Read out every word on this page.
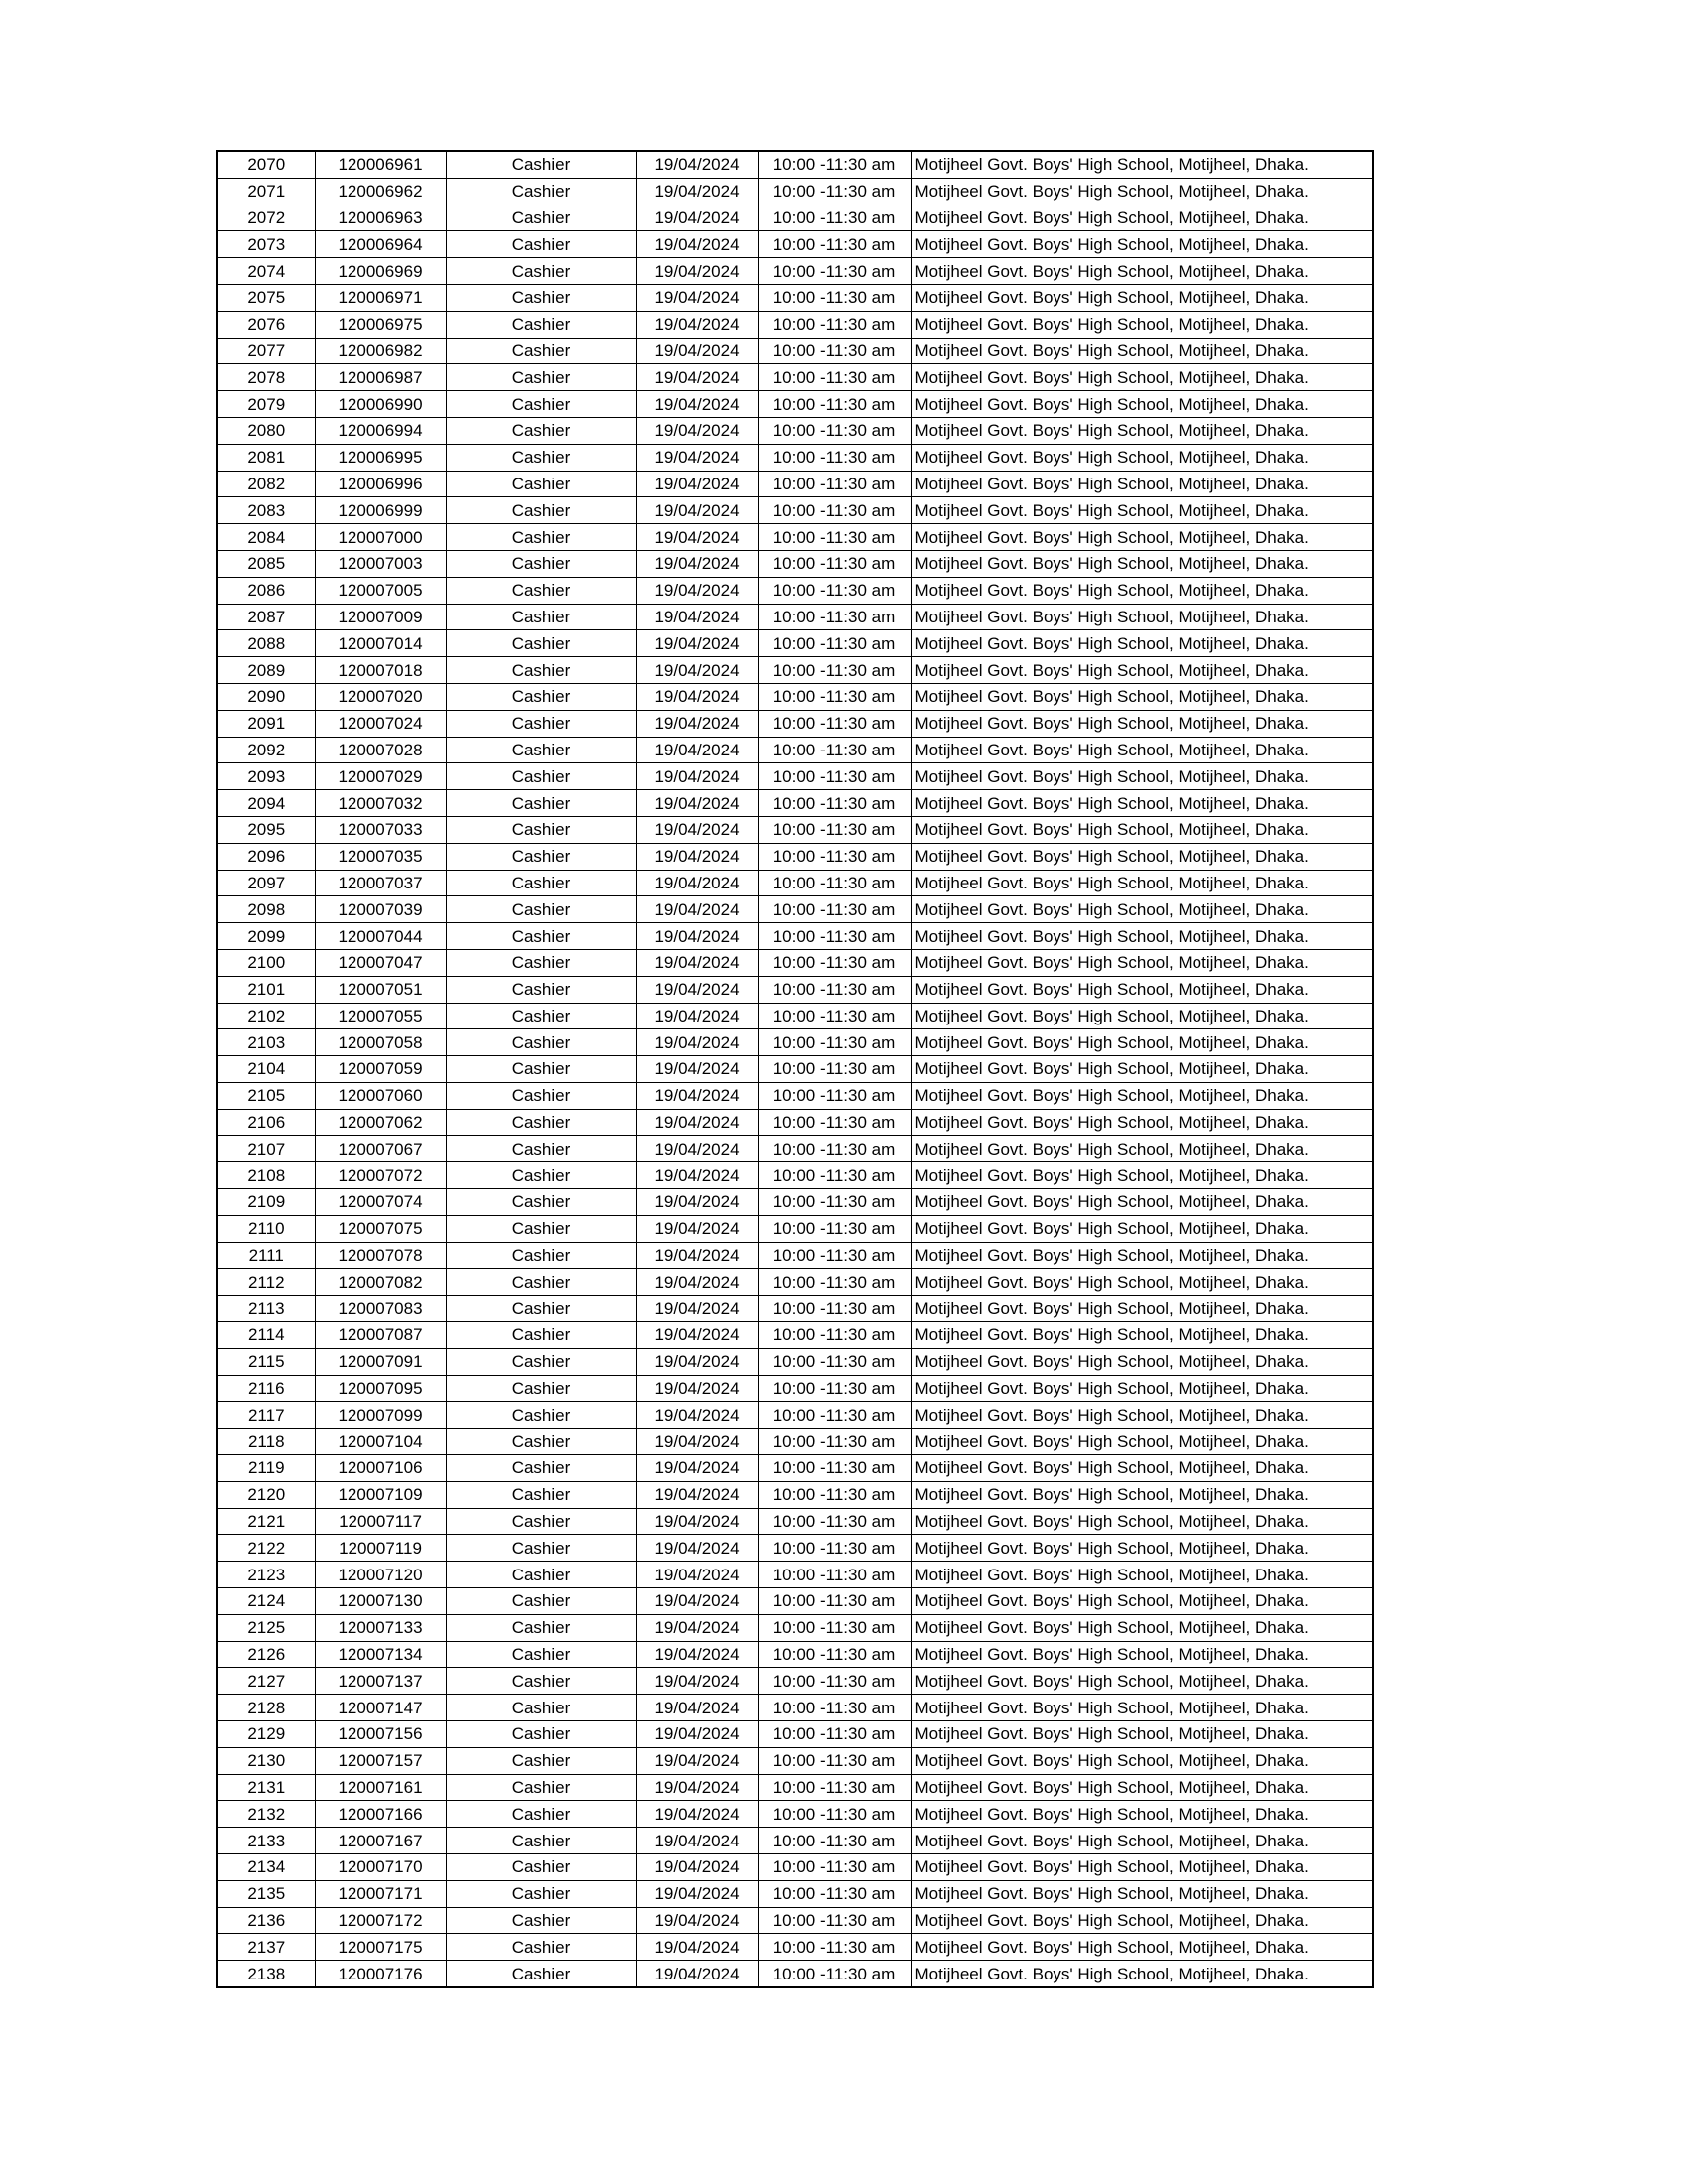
2070	120006961	Cashier	19/04/2024	10:00 -11:30 am	Motijheel Govt. Boys' High School, Motijheel, Dhaka.
2071	120006962	Cashier	19/04/2024	10:00 -11:30 am	Motijheel Govt. Boys' High School, Motijheel, Dhaka.
2072	120006963	Cashier	19/04/2024	10:00 -11:30 am	Motijheel Govt. Boys' High School, Motijheel, Dhaka.
2073	120006964	Cashier	19/04/2024	10:00 -11:30 am	Motijheel Govt. Boys' High School, Motijheel, Dhaka.
2074	120006969	Cashier	19/04/2024	10:00 -11:30 am	Motijheel Govt. Boys' High School, Motijheel, Dhaka.
2075	120006971	Cashier	19/04/2024	10:00 -11:30 am	Motijheel Govt. Boys' High School, Motijheel, Dhaka.
2076	120006975	Cashier	19/04/2024	10:00 -11:30 am	Motijheel Govt. Boys' High School, Motijheel, Dhaka.
2077	120006982	Cashier	19/04/2024	10:00 -11:30 am	Motijheel Govt. Boys' High School, Motijheel, Dhaka.
2078	120006987	Cashier	19/04/2024	10:00 -11:30 am	Motijheel Govt. Boys' High School, Motijheel, Dhaka.
2079	120006990	Cashier	19/04/2024	10:00 -11:30 am	Motijheel Govt. Boys' High School, Motijheel, Dhaka.
2080	120006994	Cashier	19/04/2024	10:00 -11:30 am	Motijheel Govt. Boys' High School, Motijheel, Dhaka.
2081	120006995	Cashier	19/04/2024	10:00 -11:30 am	Motijheel Govt. Boys' High School, Motijheel, Dhaka.
2082	120006996	Cashier	19/04/2024	10:00 -11:30 am	Motijheel Govt. Boys' High School, Motijheel, Dhaka.
2083	120006999	Cashier	19/04/2024	10:00 -11:30 am	Motijheel Govt. Boys' High School, Motijheel, Dhaka.
2084	120007000	Cashier	19/04/2024	10:00 -11:30 am	Motijheel Govt. Boys' High School, Motijheel, Dhaka.
2085	120007003	Cashier	19/04/2024	10:00 -11:30 am	Motijheel Govt. Boys' High School, Motijheel, Dhaka.
2086	120007005	Cashier	19/04/2024	10:00 -11:30 am	Motijheel Govt. Boys' High School, Motijheel, Dhaka.
2087	120007009	Cashier	19/04/2024	10:00 -11:30 am	Motijheel Govt. Boys' High School, Motijheel, Dhaka.
2088	120007014	Cashier	19/04/2024	10:00 -11:30 am	Motijheel Govt. Boys' High School, Motijheel, Dhaka.
2089	120007018	Cashier	19/04/2024	10:00 -11:30 am	Motijheel Govt. Boys' High School, Motijheel, Dhaka.
2090	120007020	Cashier	19/04/2024	10:00 -11:30 am	Motijheel Govt. Boys' High School, Motijheel, Dhaka.
2091	120007024	Cashier	19/04/2024	10:00 -11:30 am	Motijheel Govt. Boys' High School, Motijheel, Dhaka.
2092	120007028	Cashier	19/04/2024	10:00 -11:30 am	Motijheel Govt. Boys' High School, Motijheel, Dhaka.
2093	120007029	Cashier	19/04/2024	10:00 -11:30 am	Motijheel Govt. Boys' High School, Motijheel, Dhaka.
2094	120007032	Cashier	19/04/2024	10:00 -11:30 am	Motijheel Govt. Boys' High School, Motijheel, Dhaka.
2095	120007033	Cashier	19/04/2024	10:00 -11:30 am	Motijheel Govt. Boys' High School, Motijheel, Dhaka.
2096	120007035	Cashier	19/04/2024	10:00 -11:30 am	Motijheel Govt. Boys' High School, Motijheel, Dhaka.
2097	120007037	Cashier	19/04/2024	10:00 -11:30 am	Motijheel Govt. Boys' High School, Motijheel, Dhaka.
2098	120007039	Cashier	19/04/2024	10:00 -11:30 am	Motijheel Govt. Boys' High School, Motijheel, Dhaka.
2099	120007044	Cashier	19/04/2024	10:00 -11:30 am	Motijheel Govt. Boys' High School, Motijheel, Dhaka.
2100	120007047	Cashier	19/04/2024	10:00 -11:30 am	Motijheel Govt. Boys' High School, Motijheel, Dhaka.
2101	120007051	Cashier	19/04/2024	10:00 -11:30 am	Motijheel Govt. Boys' High School, Motijheel, Dhaka.
2102	120007055	Cashier	19/04/2024	10:00 -11:30 am	Motijheel Govt. Boys' High School, Motijheel, Dhaka.
2103	120007058	Cashier	19/04/2024	10:00 -11:30 am	Motijheel Govt. Boys' High School, Motijheel, Dhaka.
2104	120007059	Cashier	19/04/2024	10:00 -11:30 am	Motijheel Govt. Boys' High School, Motijheel, Dhaka.
2105	120007060	Cashier	19/04/2024	10:00 -11:30 am	Motijheel Govt. Boys' High School, Motijheel, Dhaka.
2106	120007062	Cashier	19/04/2024	10:00 -11:30 am	Motijheel Govt. Boys' High School, Motijheel, Dhaka.
2107	120007067	Cashier	19/04/2024	10:00 -11:30 am	Motijheel Govt. Boys' High School, Motijheel, Dhaka.
2108	120007072	Cashier	19/04/2024	10:00 -11:30 am	Motijheel Govt. Boys' High School, Motijheel, Dhaka.
2109	120007074	Cashier	19/04/2024	10:00 -11:30 am	Motijheel Govt. Boys' High School, Motijheel, Dhaka.
2110	120007075	Cashier	19/04/2024	10:00 -11:30 am	Motijheel Govt. Boys' High School, Motijheel, Dhaka.
2111	120007078	Cashier	19/04/2024	10:00 -11:30 am	Motijheel Govt. Boys' High School, Motijheel, Dhaka.
2112	120007082	Cashier	19/04/2024	10:00 -11:30 am	Motijheel Govt. Boys' High School, Motijheel, Dhaka.
2113	120007083	Cashier	19/04/2024	10:00 -11:30 am	Motijheel Govt. Boys' High School, Motijheel, Dhaka.
2114	120007087	Cashier	19/04/2024	10:00 -11:30 am	Motijheel Govt. Boys' High School, Motijheel, Dhaka.
2115	120007091	Cashier	19/04/2024	10:00 -11:30 am	Motijheel Govt. Boys' High School, Motijheel, Dhaka.
2116	120007095	Cashier	19/04/2024	10:00 -11:30 am	Motijheel Govt. Boys' High School, Motijheel, Dhaka.
2117	120007099	Cashier	19/04/2024	10:00 -11:30 am	Motijheel Govt. Boys' High School, Motijheel, Dhaka.
2118	120007104	Cashier	19/04/2024	10:00 -11:30 am	Motijheel Govt. Boys' High School, Motijheel, Dhaka.
2119	120007106	Cashier	19/04/2024	10:00 -11:30 am	Motijheel Govt. Boys' High School, Motijheel, Dhaka.
2120	120007109	Cashier	19/04/2024	10:00 -11:30 am	Motijheel Govt. Boys' High School, Motijheel, Dhaka.
2121	120007117	Cashier	19/04/2024	10:00 -11:30 am	Motijheel Govt. Boys' High School, Motijheel, Dhaka.
2122	120007119	Cashier	19/04/2024	10:00 -11:30 am	Motijheel Govt. Boys' High School, Motijheel, Dhaka.
2123	120007120	Cashier	19/04/2024	10:00 -11:30 am	Motijheel Govt. Boys' High School, Motijheel, Dhaka.
2124	120007130	Cashier	19/04/2024	10:00 -11:30 am	Motijheel Govt. Boys' High School, Motijheel, Dhaka.
2125	120007133	Cashier	19/04/2024	10:00 -11:30 am	Motijheel Govt. Boys' High School, Motijheel, Dhaka.
2126	120007134	Cashier	19/04/2024	10:00 -11:30 am	Motijheel Govt. Boys' High School, Motijheel, Dhaka.
2127	120007137	Cashier	19/04/2024	10:00 -11:30 am	Motijheel Govt. Boys' High School, Motijheel, Dhaka.
2128	120007147	Cashier	19/04/2024	10:00 -11:30 am	Motijheel Govt. Boys' High School, Motijheel, Dhaka.
2129	120007156	Cashier	19/04/2024	10:00 -11:30 am	Motijheel Govt. Boys' High School, Motijheel, Dhaka.
2130	120007157	Cashier	19/04/2024	10:00 -11:30 am	Motijheel Govt. Boys' High School, Motijheel, Dhaka.
2131	120007161	Cashier	19/04/2024	10:00 -11:30 am	Motijheel Govt. Boys' High School, Motijheel, Dhaka.
2132	120007166	Cashier	19/04/2024	10:00 -11:30 am	Motijheel Govt. Boys' High School, Motijheel, Dhaka.
2133	120007167	Cashier	19/04/2024	10:00 -11:30 am	Motijheel Govt. Boys' High School, Motijheel, Dhaka.
2134	120007170	Cashier	19/04/2024	10:00 -11:30 am	Motijheel Govt. Boys' High School, Motijheel, Dhaka.
2135	120007171	Cashier	19/04/2024	10:00 -11:30 am	Motijheel Govt. Boys' High School, Motijheel, Dhaka.
2136	120007172	Cashier	19/04/2024	10:00 -11:30 am	Motijheel Govt. Boys' High School, Motijheel, Dhaka.
2137	120007175	Cashier	19/04/2024	10:00 -11:30 am	Motijheel Govt. Boys' High School, Motijheel, Dhaka.
2138	120007176	Cashier	19/04/2024	10:00 -11:30 am	Motijheel Govt. Boys' High School, Motijheel, Dhaka.
